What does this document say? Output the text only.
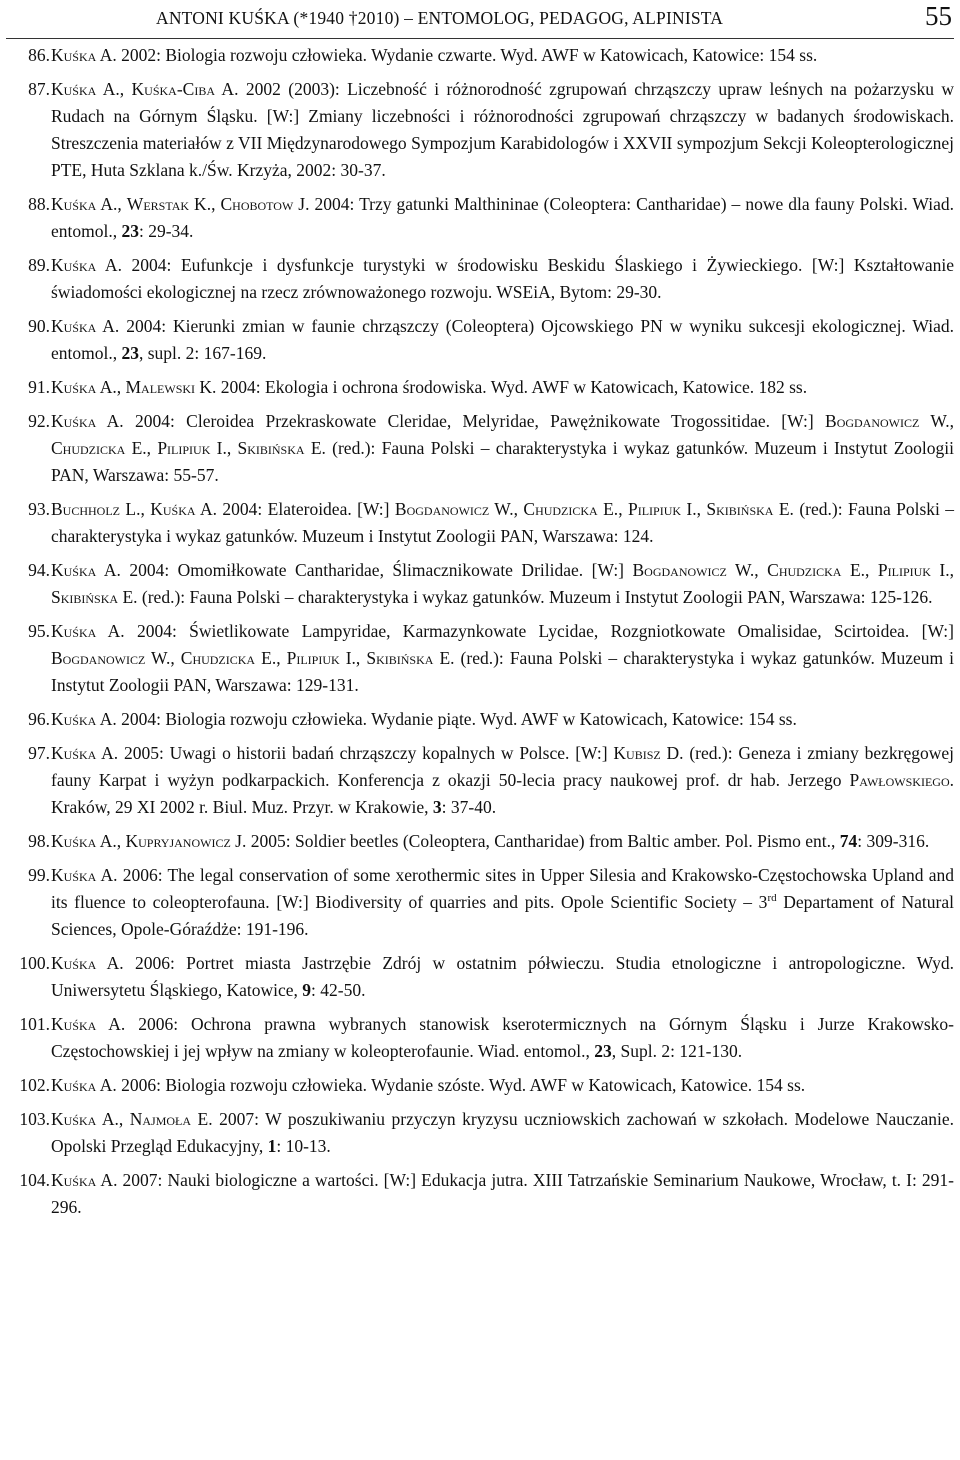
ANTONI KUŚKA (*1940 †2010) – ENTOMOLOG, PEDAGOG, ALPINISTA	55
86. Kuśka A. 2002: Biologia rozwoju człowieka. Wydanie czwarte. Wyd. AWF w Katowicach, Katowice: 154 ss.
87. Kuśka A., Kuśka-Ciba A. 2002 (2003): Liczebność i różnorodność zgrupowań chrząszczy upraw leśnych na pożarzysku w Rudach na Górnym Śląsku. [W:] Zmiany liczebności i różnorodności zgrupowań chrząszczy w badanych środowiskach. Streszczenia materiałów z VII Międzynarodowego Sympozjum Karabidologów i XXVII sympozjum Sekcji Koleopterologicznej PTE, Huta Szklana k./Św. Krzyża, 2002: 30-37.
88. Kuśka A., Werstak K., Chobotow J. 2004: Trzy gatunki Malthininae (Coleoptera: Cantharidae) – nowe dla fauny Polski. Wiad. entomol., 23: 29-34.
89. Kuśka A. 2004: Eufunkcje i dysfunkcje turystyki w środowisku Beskidu Ślaskiego i Żywieckiego. [W:] Kształtowanie świadomości ekologicznej na rzecz zrównoważonego rozwoju. WSEiA, Bytom: 29-30.
90. Kuśka A. 2004: Kierunki zmian w faunie chrząszczy (Coleoptera) Ojcowskiego PN w wyniku sukcesji ekologicznej. Wiad. entomol., 23, supl. 2: 167-169.
91. Kuśka A., Malewski K. 2004: Ekologia i ochrona środowiska. Wyd. AWF w Katowicach, Katowice. 182 ss.
92. Kuśka A. 2004: Cleroidea Przekraskowate Cleridae, Melyridae, Pawężnikowate Trogossitidae. [W:] Bogdanowicz W., Chudzicka E., Pilipiuk I., Skibińska E. (red.): Fauna Polski – charakterystyka i wykaz gatunków. Muzeum i Instytut Zoologii PAN, Warszawa: 55-57.
93. Buchholz L., Kuśka A. 2004: Elateroidea. [W:] Bogdanowicz W., Chudzicka E., Pilipiuk I., Skibińska E. (red.): Fauna Polski – charakterystyka i wykaz gatunków. Muzeum i Instytut Zoologii PAN, Warszawa: 124.
94. Kuśka A. 2004: Omomiłkowate Cantharidae, Ślimacznikowate Drilidae. [W:] Bogdanowicz W., Chudzicka E., Pilipiuk I., Skibińska E. (red.): Fauna Polski – charakterystyka i wykaz gatunków. Muzeum i Instytut Zoologii PAN, Warszawa: 125-126.
95. Kuśka A. 2004: Świetlikowate Lampyridae, Karmazynkowate Lycidae, Rozgniotkowate Omalisidae, Scirtoidea. [W:] Bogdanowicz W., Chudzicka E., Pilipiuk I., Skibińska E. (red.): Fauna Polski – charakterystyka i wykaz gatunków. Muzeum i Instytut Zoologii PAN, Warszawa: 129-131.
96. Kuśka A. 2004: Biologia rozwoju człowieka. Wydanie piąte. Wyd. AWF w Katowicach, Katowice: 154 ss.
97. Kuśka A. 2005: Uwagi o historii badań chrząszczy kopalnych w Polsce. [W:] Kubisz D. (red.): Geneza i zmiany bezkręgowej fauny Karpat i wyżyn podkarpackich. Konferencja z okazji 50-lecia pracy naukowej prof. dr hab. Jerzego Pawłowskiego. Kraków, 29 XI 2002 r. Biul. Muz. Przyr. w Krakowie, 3: 37-40.
98. Kuśka A., Kupryjanowicz J. 2005: Soldier beetles (Coleoptera, Cantharidae) from Baltic amber. Pol. Pismo ent., 74: 309-316.
99. Kuśka A. 2006: The legal conservation of some xerothermic sites in Upper Silesia and Krakowsko-Częstochowska Upland and its fluence to coleopterofauna. [W:] Biodiversity of quarries and pits. Opole Scientific Society – 3rd Departament of Natural Sciences, Opole-Góraźdże: 191-196.
100. Kuśka A. 2006: Portret miasta Jastrzębie Zdrój w ostatnim półwieczu. Studia etnologiczne i antropologiczne. Wyd. Uniwersytetu Śląskiego, Katowice, 9: 42-50.
101. Kuśka A. 2006: Ochrona prawna wybranych stanowisk kserotermicznych na Górnym Śląsku i Jurze Krakowsko-Częstochowskiej i jej wpływ na zmiany w koleopterofaunie. Wiad. entomol., 23, Supl. 2: 121-130.
102. Kuśka A. 2006: Biologia rozwoju człowieka. Wydanie szóste. Wyd. AWF w Katowicach, Katowice. 154 ss.
103. Kuśka A., Najmoła E. 2007: W poszukiwaniu przyczyn kryzysu uczniowskich zachowań w szkołach. Modelowe Nauczanie. Opolski Przegląd Edukacyjny, 1: 10-13.
104. Kuśka A. 2007: Nauki biologiczne a wartości. [W:] Edukacja jutra. XIII Tatrzańskie Seminarium Naukowe, Wrocław, t. I: 291-296.
